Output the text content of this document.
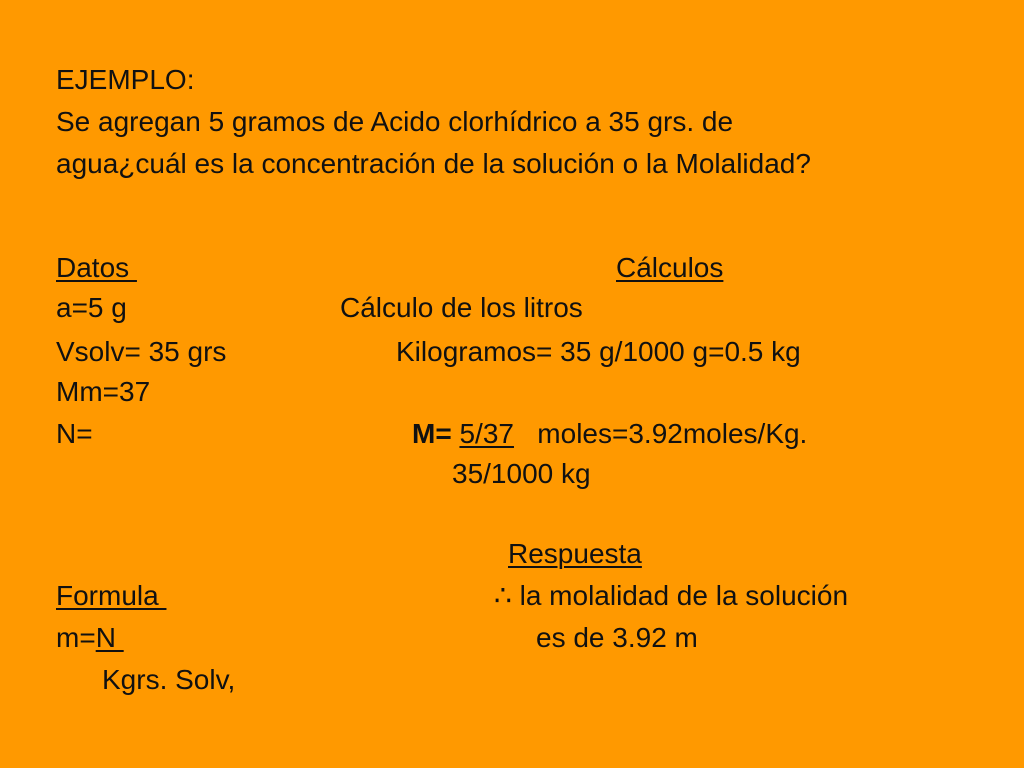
EJEMPLO:
Se agregan 5 gramos de Acido clorhídrico a 35 grs. de
agua¿cuál es la concentración de la solución o la Molalidad?
Datos
a=5 g
Vsolv= 35 grs
Mm=37
N=
Cálculos
Cálculo de los litros
Kilogramos= 35 g/1000 g=0.5 kg
M= 5/37   moles=3.92moles/Kg.
35/1000 kg
Respuesta
∴ la molalidad de la solución
es de 3.92 m
Formula
m=N
Kgrs. Solv,
